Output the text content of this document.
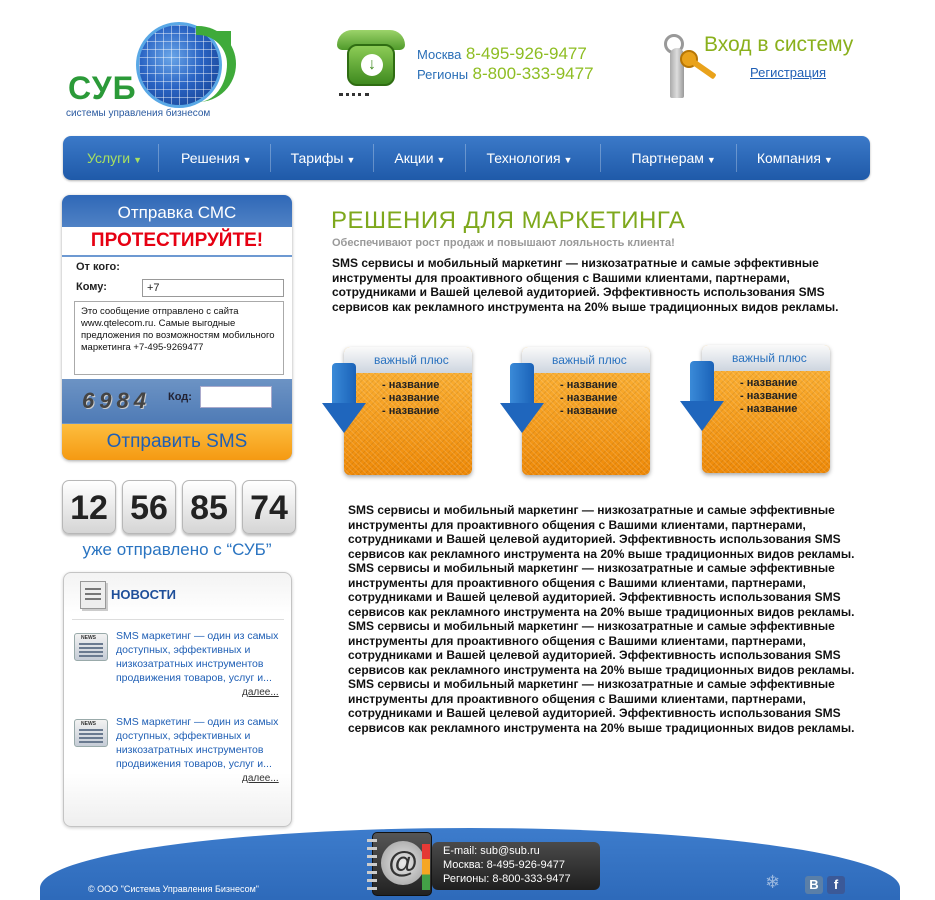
СУБ
системы управления бизнесом
↓
Москва 8-495-926-9477
Регионы 8-800-333-9477
Вход в систему
Регистрация
Услуги ▼	Решения ▼	Тарифы ▼	Акции ▼	Технология ▼	Партнерам ▼	Компания ▼
Отправка СМС
ПРОТЕСТИРУЙТЕ!
От кого:
Кому:	+7
Это сообщение отправлено с сайта www.qtelecom.ru. Самые выгодные предложения по возможностям мобильного маркетинга +7-495-9269477
6984 Код:
Отправить SMS
12 56 85 74
уже отправлено с “СУБ”
НОВОСТИ
NEWS
SMS маркетинг — один из самых доступных, эффективных и низкозатратных инструментов продвижения товаров, услуг и...
далее...
NEWS
SMS маркетинг — один из самых доступных, эффективных и низкозатратных инструментов продвижения товаров, услуг и...
далее...
РЕШЕНИЯ ДЛЯ МАРКЕТИНГА
Обеспечивают рост продаж и повышают лояльность клиента!
SMS сервисы и мобильный маркетинг — низкозатратные и самые эффективные инструменты для проактивного общения с Вашими клиентами, партнерами, сотрудниками и Вашей целевой аудиторией. Эффективность использования SMS сервисов как рекламного инструмента на 20% выше традиционных видов рекламы.
важный плюс
- название
- название
- название
важный плюс
- название
- название
- название
важный плюс
- название
- название
- название
SMS сервисы и мобильный маркетинг — низкозатратные и самые эффективные инструменты для проактивного общения с Вашими клиентами, партнерами, сотрудниками и Вашей целевой аудиторией. Эффективность использования SMS сервисов как рекламного инструмента на 20% выше традиционных видов рекламы.
SMS сервисы и мобильный маркетинг — низкозатратные и самые эффективные инструменты для проактивного общения с Вашими клиентами, партнерами, сотрудниками и Вашей целевой аудиторией. Эффективность использования SMS сервисов как рекламного инструмента на 20% выше традиционных видов рекламы.
SMS сервисы и мобильный маркетинг — низкозатратные и самые эффективные инструменты для проактивного общения с Вашими клиентами, партнерами, сотрудниками и Вашей целевой аудиторией. Эффективность использования SMS сервисов как рекламного инструмента на 20% выше традиционных видов рекламы.
SMS сервисы и мобильный маркетинг — низкозатратные и самые эффективные инструменты для проактивного общения с Вашими клиентами, партнерами, сотрудниками и Вашей целевой аудиторией. Эффективность использования SMS сервисов как рекламного инструмента на 20% выше традиционных видов рекламы.
© ООО "Система Управления Бизнесом"
@	E-mail: sub@sub.ru
Москва: 8-495-926-9477
Регионы: 8-800-333-9477	❄	В	f
